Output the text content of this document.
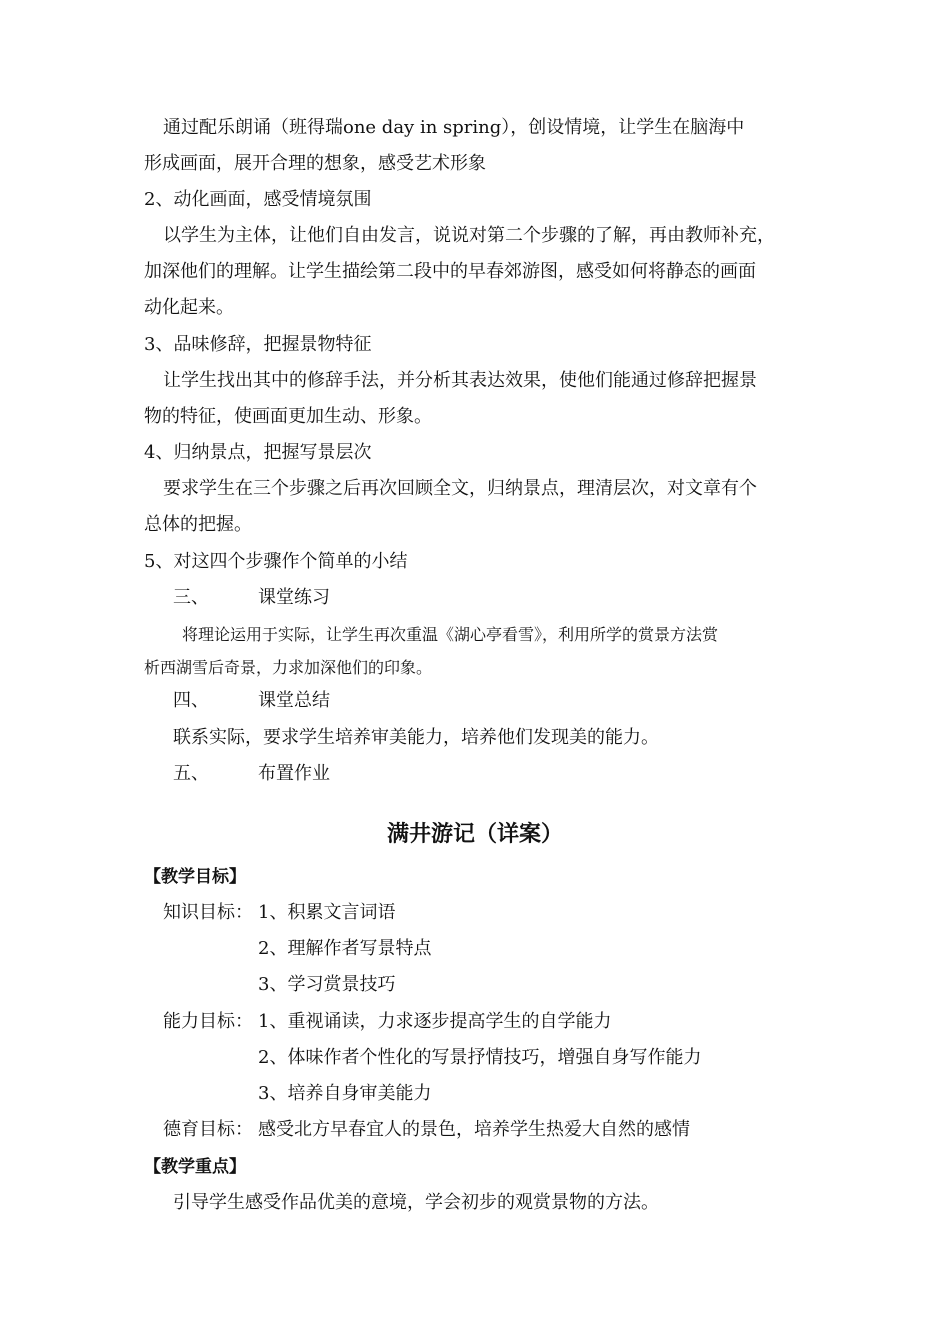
通过配乐朗诵（班得瑞one day in spring），创设情境，让学生在脑海中
形成画面，展开合理的想象，感受艺术形象
2、动化画面，感受情境氛围
以学生为主体，让他们自由发言，说说对第二个步骤的了解，再由教师补充，
加深他们的理解。让学生描绘第二段中的早春郊游图，感受如何将静态的画面
动化起来。
3、品味修辞，把握景物特征
让学生找出其中的修辞手法，并分析其表达效果，使他们能通过修辞把握景
物的特征，使画面更加生动、形象。
4、归纳景点，把握写景层次
要求学生在三个步骤之后再次回顾全文，归纳景点，理清层次，对文章有个
总体的把握。
5、对这四个步骤作个简单的小结
三、	课堂练习
将理论运用于实际，让学生再次重温《湖心亭看雪》，利用所学的赏景方法赏
析西湖雪后奇景，力求加深他们的印象。
四、	课堂总结
联系实际，要求学生培养审美能力，培养他们发现美的能力。
五、	布置作业
满井游记（详案）
【教学目标】
知识目标： 1、积累文言词语
2、理解作者写景特点
3、学习赏景技巧
能力目标： 1、重视诵读，力求逐步提高学生的自学能力
2、体味作者个性化的写景抒情技巧，增强自身写作能力
3、培养自身审美能力
德育目标： 感受北方早春宜人的景色，培养学生热爱大自然的感情
【教学重点】
引导学生感受作品优美的意境，学会初步的观赏景物的方法。
